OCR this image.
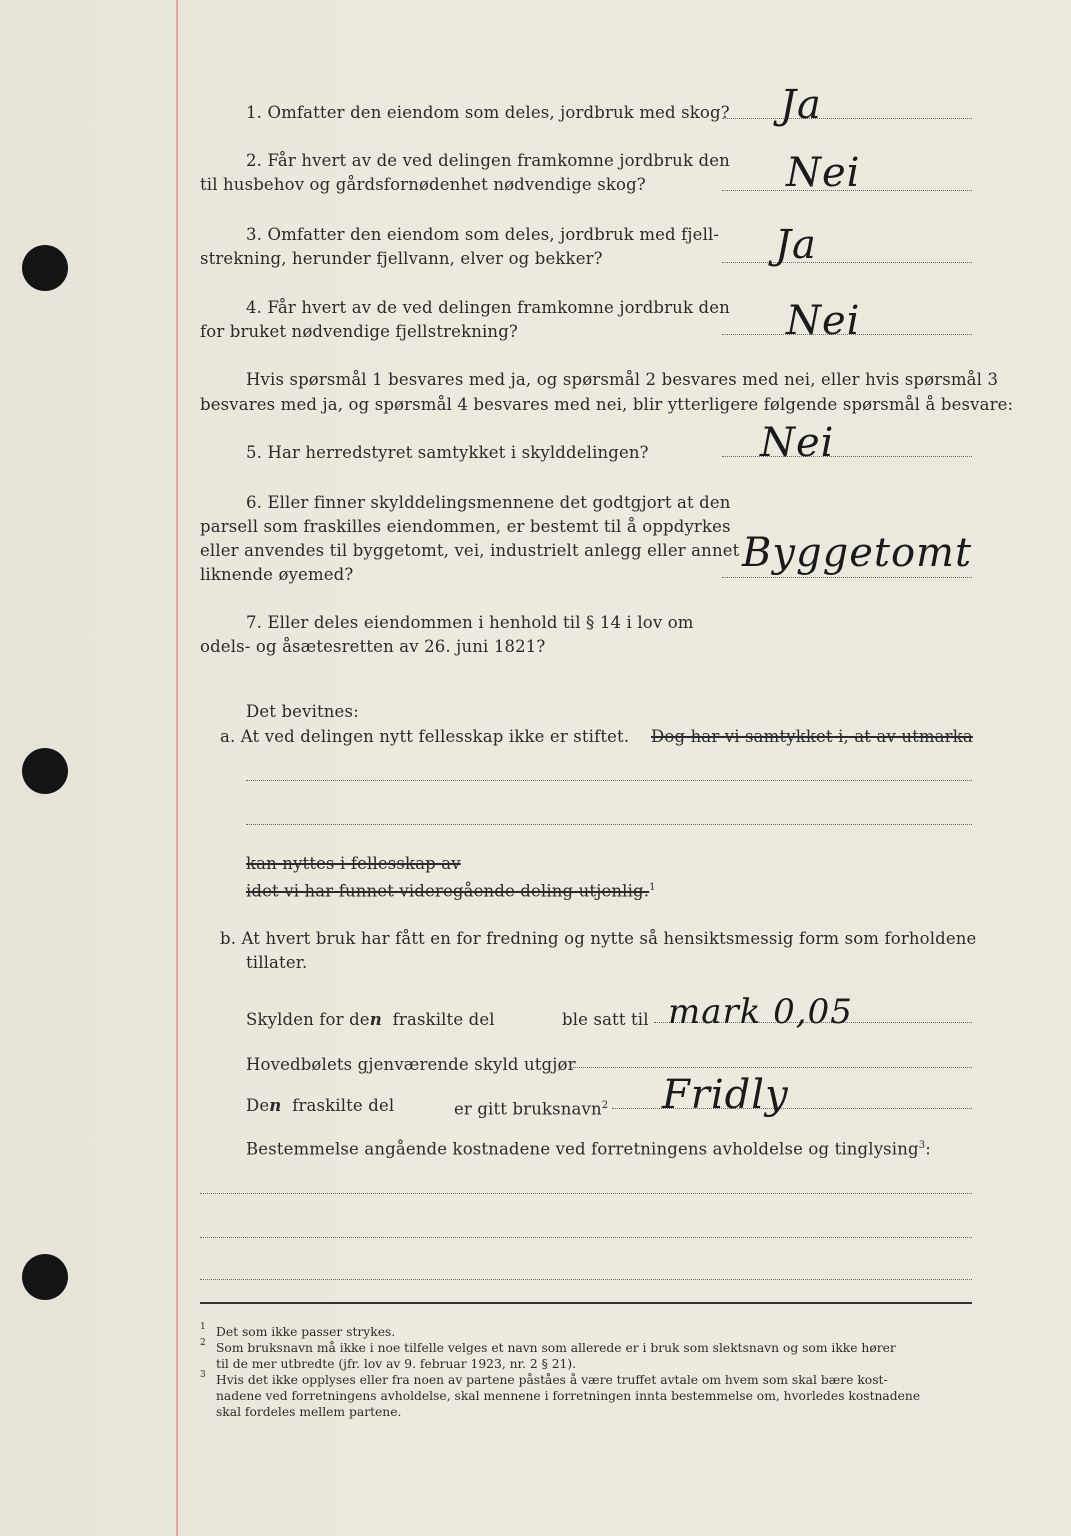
1. Omfatter den eiendom som deles, jordbruk med skog? Ja
2. Får hvert av de ved delingen framkomne jordbruk den
til husbehov og gårdsfornødenhet nødvendige skog?	Nei
3. Omfatter den eiendom som deles, jordbruk med fjell-
strekning, herunder fjellvann, elver og bekker?	Ja
4. Får hvert av de ved delingen framkomne jordbruk den
for bruket nødvendige fjellstrekning?	Nei
Hvis spørsmål 1 besvares med ja, og spørsmål 2 besvares med nei, eller hvis spørsmål 3
besvares med ja, og spørsmål 4 besvares med nei, blir ytterligere følgende spørsmål å besvare:
5. Har herredstyret samtykket i skylddelingen?	Nei
6. Eller finner skylddelingsmennene det godtgjort at den
parsell som fraskilles eiendommen, er bestemt til å oppdyrkes
eller anvendes til byggetomt, vei, industrielt anlegg eller annet
liknende øyemed?	Byggetomt
7. Eller deles eiendommen i henhold til § 14 i lov om
odels- og åsætesretten av 26. juni 1821?
Det bevitnes:
a. At ved delingen nytt fellesskap ikke er stiftet. Dog har vi samtykket i, at av utmarka
kan nyttes i fellesskap av
idet vi har funnet videregående deling utjenlig.$^1$
b. At hvert bruk har fått en for fredning og nytte så hensiktsmessig form som forholdene
tillater.
Skylden for den fraskilte del	ble satt til mark 0,05
Hovedbølets gjenværende skyld utgjør
Den fraskilte del	er gitt bruksnavn$^2$ Fridly
Bestemmelse angående kostnadene ved forretningens avholdelse og tinglysing$^3$:
1 Det som ikke passer strykes.
2 Som bruksnavn må ikke i noe tilfelle velges et navn som allerede er i bruk som slektsnavn og som ikke hører
til de mer utbredte (jfr. lov av 9. februar 1923, nr. 2 § 21).
3 Hvis det ikke opplyses eller fra noen av partene påståes å være truffet avtale om hvem som skal bære kost-
nadene ved forretningens avholdelse, skal mennene i forretningen innta bestemmelse om, hvorledes kostnadene
skal fordeles mellem partene.
